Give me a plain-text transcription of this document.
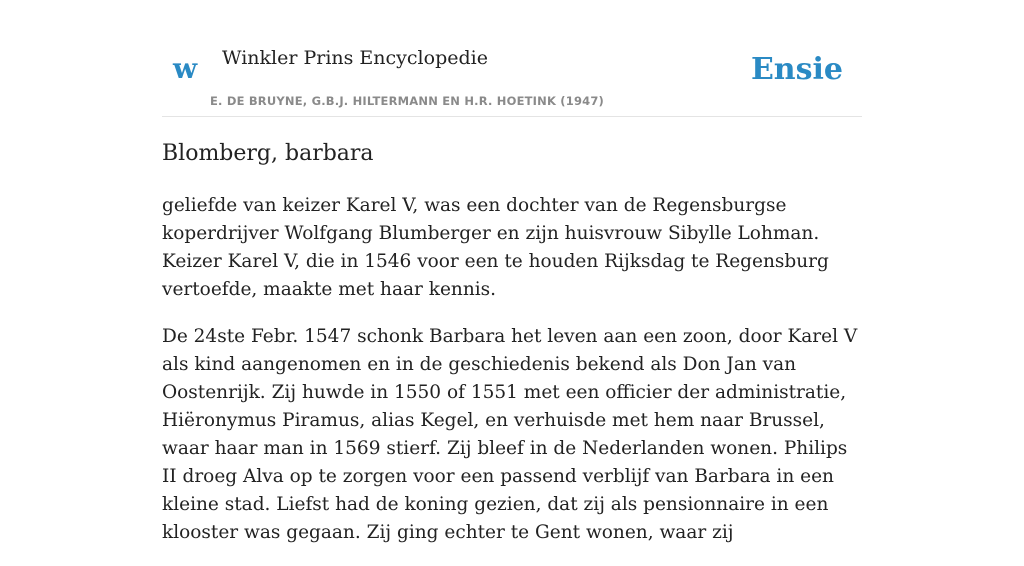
w Winkler Prins Encyclopedie
E. DE BRUYNE, G.B.J. HILTERMANN EN H.R. HOETINK (1947)
Ensie
Blomberg, barbara

geliefde van keizer Karel V, was een dochter van de Regensburgse koperdrijver Wolfgang Blumberger en zijn huisvrouw Sibylle Lohman. Keizer Karel V, die in 1546 voor een te houden Rijksdag te Regensburg vertoefde, maakte met haar kennis.

De 24ste Febr. 1547 schonk Barbara het leven aan een zoon, door Karel V als kind aangenomen en in de geschiedenis bekend als Don Jan van Oostenrijk. Zij huwde in 1550 of 1551 met een officier der administratie, Hiëronymus Piramus, alias Kegel, en verhuisde met hem naar Brussel, waar haar man in 1569 stierf. Zij bleef in de Nederlanden wonen. Philips II droeg Alva op te zorgen voor een passend verblijf van Barbara in een kleine stad. Liefst had de koning gezien, dat zij als pensionnaire in een klooster was gegaan. Zij ging echter te Gent wonen, waar zij
